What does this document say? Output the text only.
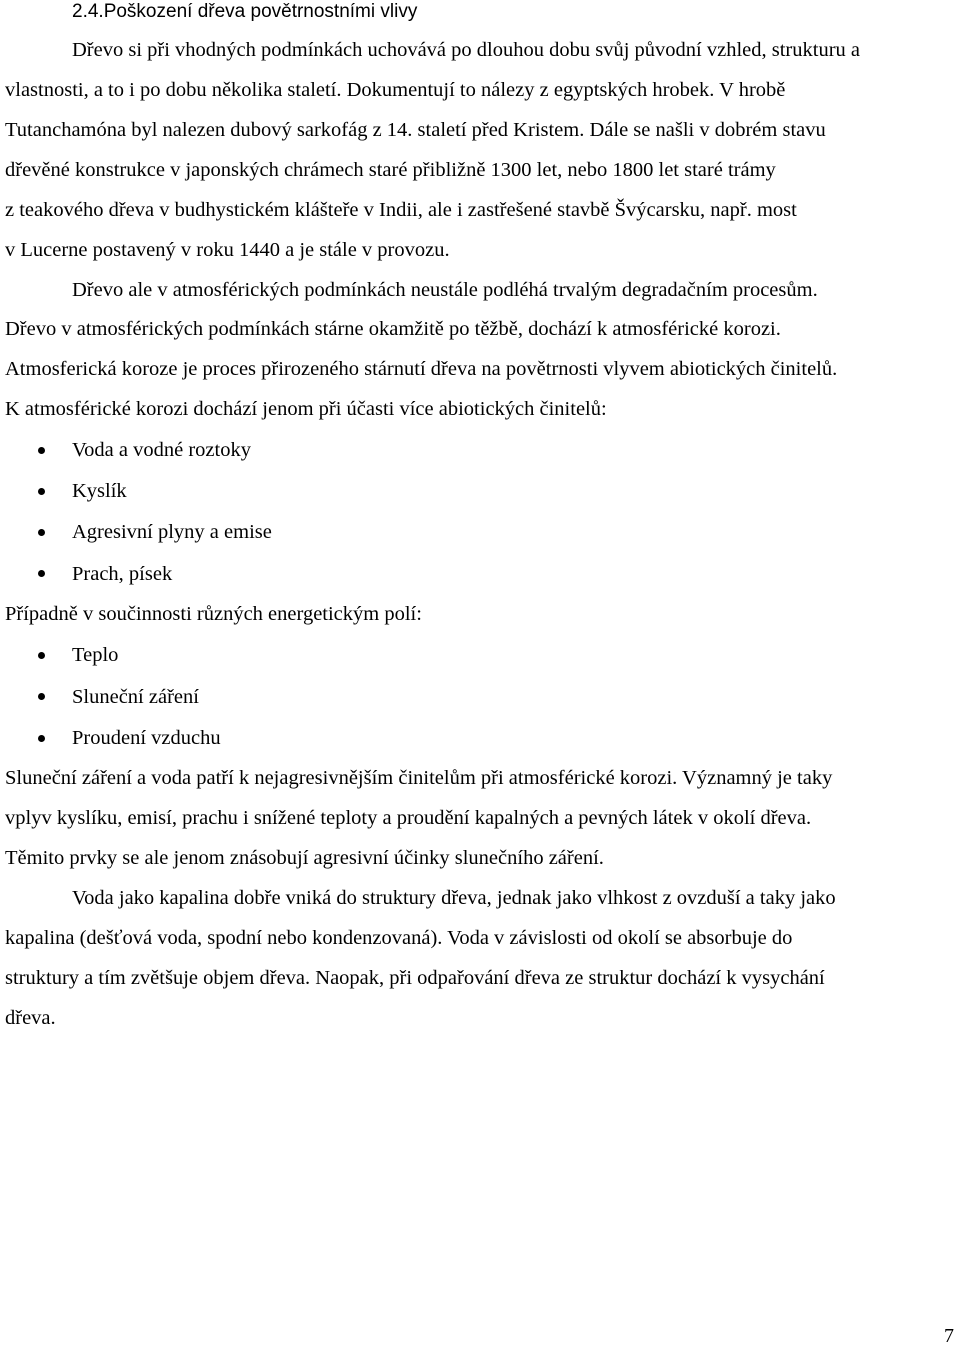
2.4.Poškození dřeva povětrnostními vlivy
Dřevo si při vhodných podmínkách uchovává po dlouhou dobu svůj původní vzhled, strukturu a
vlastnosti, a to i po dobu několika staletí. Dokumentují to nálezy z egyptských hrobek. V hrobě
Tutanchamóna byl nalezen dubový sarkofág z 14. staletí před Kristem. Dále se našli v dobrém stavu
dřevěné konstrukce v japonských chrámech staré přibližně 1300 let, nebo 1800 let staré trámy
z teakového dřeva v budhystickém klášteře v Indii, ale i zastřešené stavbě Švýcarsku, např. most
v Lucerne postavený v roku 1440 a je stále v provozu.
Dřevo ale v atmosférických podmínkách neustále podléhá trvalým degradačním procesům.
Dřevo v atmosférických podmínkách stárne okamžitě po těžbě, dochází k atmosférické korozi.
Atmosferická koroze je proces přirozeného stárnutí dřeva na povětrnosti vlyvem abiotických činitelů.
K atmosférické korozi dochází jenom při účasti více abiotických činitelů:
Voda a vodné roztoky
Kyslík
Agresivní plyny a emise
Prach, písek
Případně v součinnosti různých energetickým polí:
Teplo
Sluneční záření
Proudení vzduchu
Sluneční záření a voda patří k nejagresivnějším činitelům při atmosférické korozi. Významný je taky
vplyv kyslíku, emisí, prachu i snížené teploty a proudění kapalných a pevných látek v okolí dřeva.
Těmito prvky se ale jenom znásobují agresivní účinky slunečního záření.
Voda jako kapalina dobře vniká do struktury dřeva, jednak jako vlhkost z ovzduší a taky jako
kapalina (dešťová voda, spodní nebo kondenzovaná). Voda v závislosti od okolí se absorbuje do
struktury a tím zvětšuje objem dřeva. Naopak, při odpařování dřeva ze struktur dochází k vysychání
dřeva.
7
